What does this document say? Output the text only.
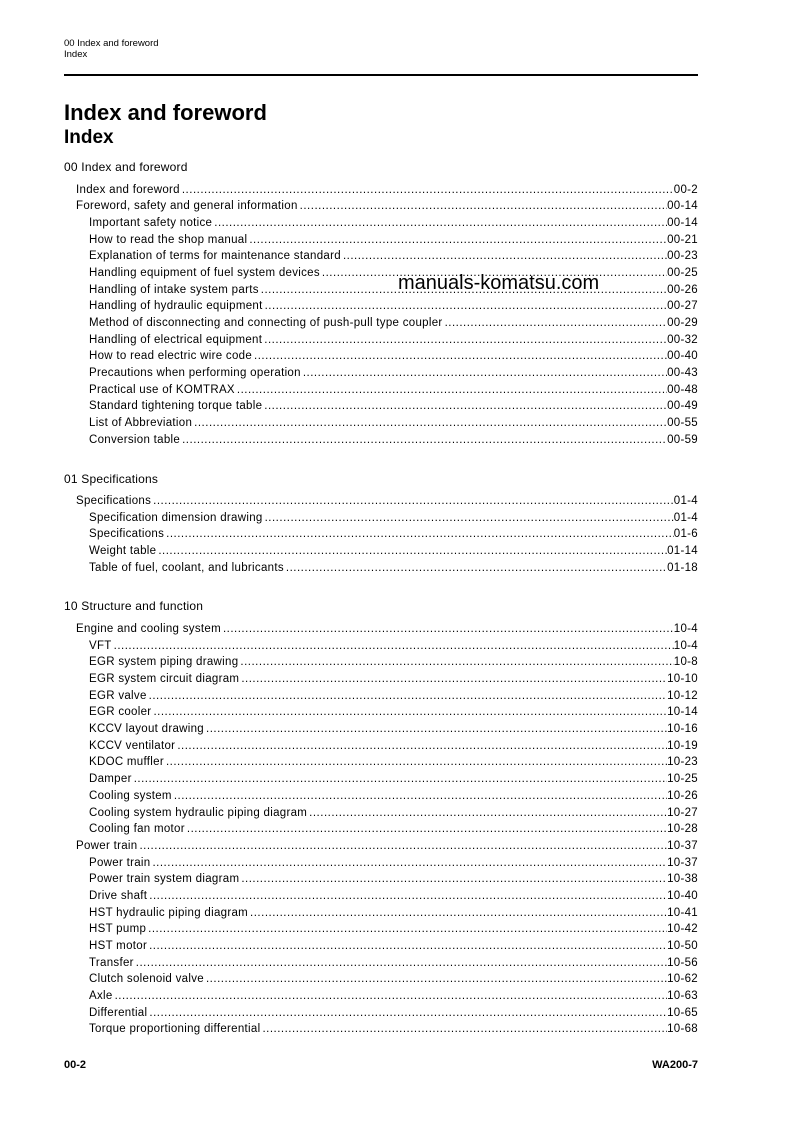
00 Index and foreword
Index
Index and foreword
Index
00 Index and foreword
Index and foreword .....	00-2
Foreword, safety and general information .....	00-14
Important safety notice .....	00-14
How to read the shop manual .....	00-21
Explanation of terms for maintenance standard .....	00-23
Handling equipment of fuel system devices .....	00-25
Handling of intake system parts .....	00-26
Handling of hydraulic equipment .....	00-27
Method of disconnecting and connecting of push-pull type coupler .....	00-29
Handling of electrical equipment .....	00-32
How to read electric wire code .....	00-40
Precautions when performing operation .....	00-43
Practical use of KOMTRAX .....	00-48
Standard tightening torque table .....	00-49
List of Abbreviation .....	00-55
Conversion table .....	00-59
01 Specifications
Specifications .....	01-4
Specification dimension drawing .....	01-4
Specifications .....	01-6
Weight table .....	01-14
Table of fuel, coolant, and lubricants .....	01-18
10 Structure and function
Engine and cooling system .....	10-4
VFT .....	10-4
EGR system piping drawing .....	10-8
EGR system circuit diagram .....	10-10
EGR valve .....	10-12
EGR cooler .....	10-14
KCCV layout drawing .....	10-16
KCCV ventilator .....	10-19
KDOC muffler .....	10-23
Damper .....	10-25
Cooling system .....	10-26
Cooling system hydraulic piping diagram .....	10-27
Cooling fan motor .....	10-28
Power train .....	10-37
Power train .....	10-37
Power train system diagram .....	10-38
Drive shaft .....	10-40
HST hydraulic piping diagram .....	10-41
HST pump .....	10-42
HST motor .....	10-50
Transfer .....	10-56
Clutch solenoid valve .....	10-62
Axle .....	10-63
Differential .....	10-65
Torque proportioning differential .....	10-68
manuals-komatsu.com
00-2	WA200-7
